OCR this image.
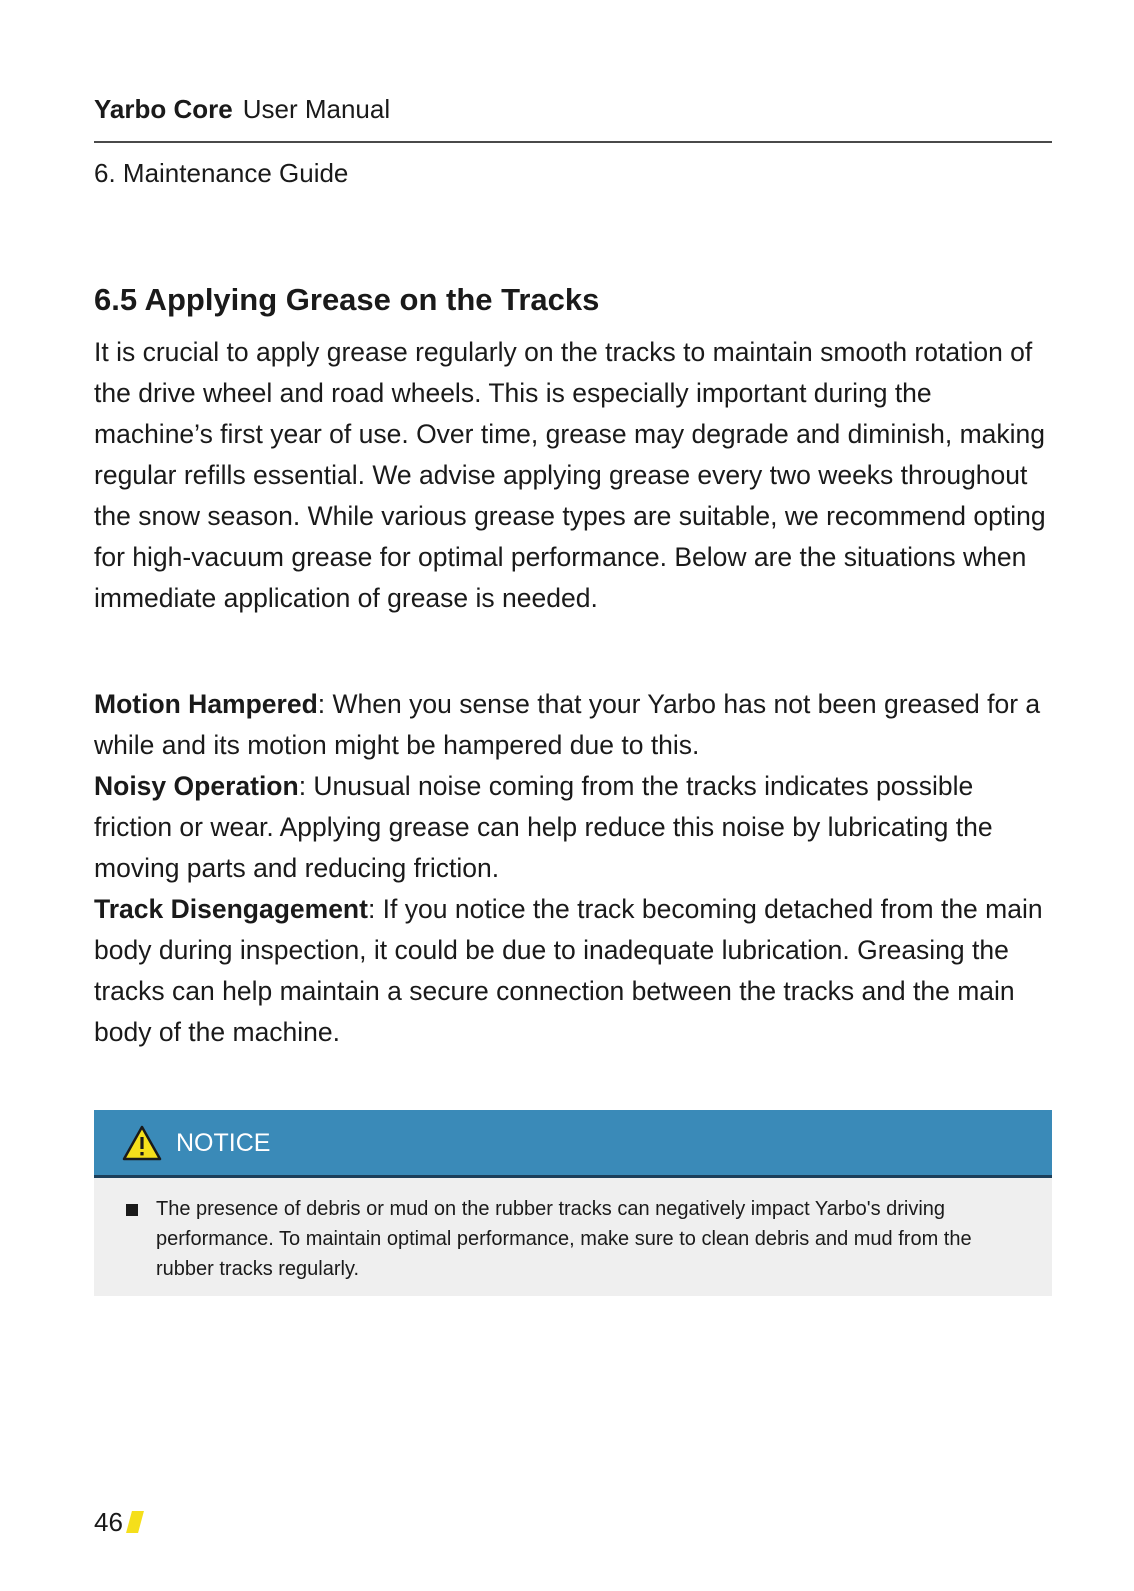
Yarbo Core User Manual
6. Maintenance Guide
6.5 Applying Grease on the Tracks

It is crucial to apply grease regularly on the tracks to maintain smooth rotation of the drive wheel and road wheels. This is especially important during the machine’s first year of use. Over time, grease may degrade and diminish, making regular refills essential. We advise applying grease every two weeks throughout the snow season. While various grease types are suitable, we recommend opting for high-vacuum grease for optimal performance. Below are the situations when immediate application of grease is needed.

Motion Hampered: When you sense that your Yarbo has not been greased for a while and its motion might be hampered due to this.

Noisy Operation: Unusual noise coming from the tracks indicates possible friction or wear. Applying grease can help reduce this noise by lubricating the moving parts and reducing friction.

Track Disengagement: If you notice the track becoming detached from the main body during inspection, it could be due to inadequate lubrication. Greasing the tracks can help maintain a secure connection between the tracks and the main body of the machine.

NOTICE
The presence of debris or mud on the rubber tracks can negatively impact Yarbo's driving performance. To maintain optimal performance, make sure to clean debris and mud from the rubber tracks regularly.
46
